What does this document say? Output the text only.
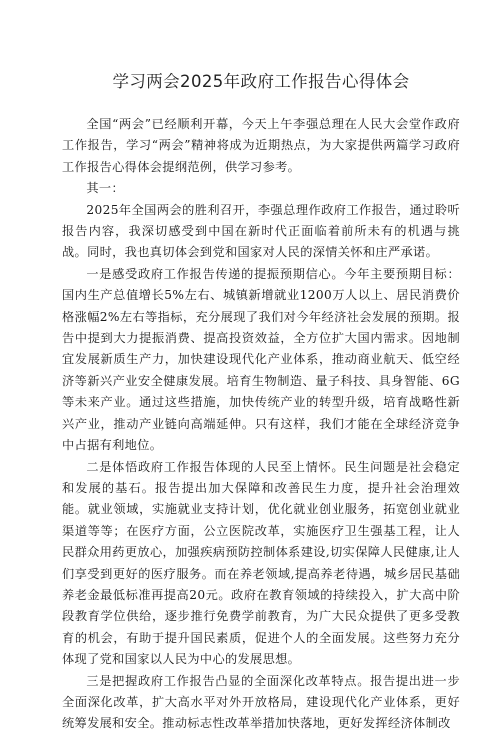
学习两会2025年政府工作报告心得体会

全国“两会”已经顺利开幕，今天上午李强总理在人民大会堂作政府工作报告，学习“两会”精神将成为近期热点，为大家提供两篇学习政府工作报告心得体会提纲范例，供学习参考。

其一：

2025年全国两会的胜利召开，李强总理作政府工作报告，通过聆听报告内容，我深切感受到中国在新时代正面临着前所未有的机遇与挑战。同时，我也真切体会到党和国家对人民的深情关怀和庄严承诺。

一是感受政府工作报告传递的提振预期信心。今年主要预期目标：国内生产总值增长5%左右、城镇新增就业1200万人以上、居民消费价格涨幅2%左右等指标，充分展现了我们对今年经济社会发展的预期。报告中提到大力提振消费、提高投资效益，全方位扩大国内需求。因地制宜发展新质生产力，加快建设现代化产业体系，推动商业航天、低空经济等新兴产业安全健康发展。培育生物制造、量子科技、具身智能、6G等未来产业。通过这些措施，加快传统产业的转型升级，培育战略性新兴产业，推动产业链向高端延伸。只有这样，我们才能在全球经济竞争中占据有利地位。

二是体悟政府工作报告体现的人民至上情怀。民生问题是社会稳定和发展的基石。报告提出加大保障和改善民生力度，提升社会治理效能。就业领域，实施就业支持计划，优化就业创业服务，拓宽创业就业渠道等等；在医疗方面，公立医院改革，实施医疗卫生强基工程，让人民群众用药更放心，加强疾病预防控制体系建设,切实保障人民健康,让人们享受到更好的医疗服务。而在养老领域,提高养老待遇，城乡居民基础养老金最低标准再提高20元。政府在教育领域的持续投入，扩大高中阶段教育学位供给，逐步推行免费学前教育，为广大民众提供了更多受教育的机会，有助于提升国民素质，促进个人的全面发展。这些努力充分体现了党和国家以人民为中心的发展思想。

三是把握政府工作报告凸显的全面深化改革特点。报告提出进一步全面深化改革，扩大高水平对外开放格局，建设现代化产业体系，更好统筹发展和安全。推动标志性改革举措加快落地，更好发挥经济体制改
